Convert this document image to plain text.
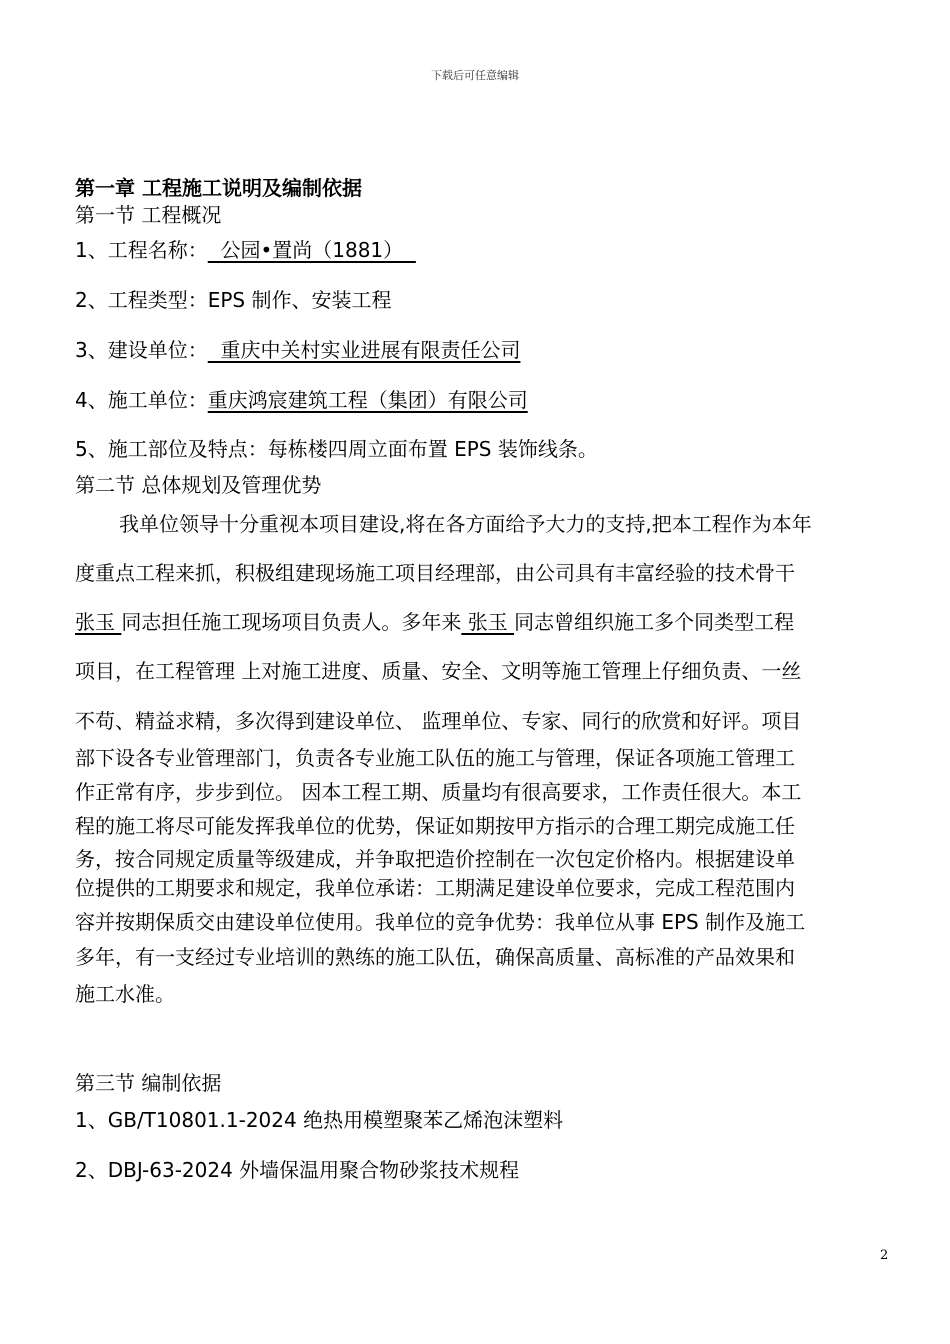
下载后可任意编辑
第一章 工程施工说明及编制依据
第一节 工程概况
1、工程名称：  公园•置尚（1881）
2、工程类型：EPS 制作、安装工程
3、建设单位：  重庆中关村实业进展有限责任公司
4、施工单位：重庆鸿宸建筑工程（集团）有限公司
5、施工部位及特点：每栋楼四周立面布置 EPS 装饰线条。
第二节 总体规划及管理优势
我单位领导十分重视本项目建设,将在各方面给予大力的支持,把本工程作为本年
度重点工程来抓，积极组建现场施工项目经理部，由公司具有丰富经验的技术骨干
张玉 同志担任施工现场项目负责人。多年来 张玉 同志曾组织施工多个同类型工程
项目，在工程管理 上对施工进度、质量、安全、文明等施工管理上仔细负责、一丝
不苟、精益求精，多次得到建设单位、 监理单位、专家、同行的欣赏和好评。项目
部下设各专业管理部门，负责各专业施工队伍的施工与管理，保证各项施工管理工
作正常有序，步步到位。 因本工程工期、质量均有很高要求，工作责任很大。本工
程的施工将尽可能发挥我单位的优势，保证如期按甲方指示的合理工期完成施工任
务，按合同规定质量等级建成，并争取把造价控制在一次包定价格内。根据建设单
位提供的工期要求和规定，我单位承诺：工期满足建设单位要求，完成工程范围内
容并按期保质交由建设单位使用。我单位的竞争优势：我单位从事 EPS 制作及施工
多年，有一支经过专业培训的熟练的施工队伍，确保高质量、高标准的产品效果和
施工水准。
第三节 编制依据
1、GB/T10801.1-2024 绝热用模塑聚苯乙烯泡沫塑料
2、DBJ-63-2024 外墙保温用聚合物砂浆技术规程
2
